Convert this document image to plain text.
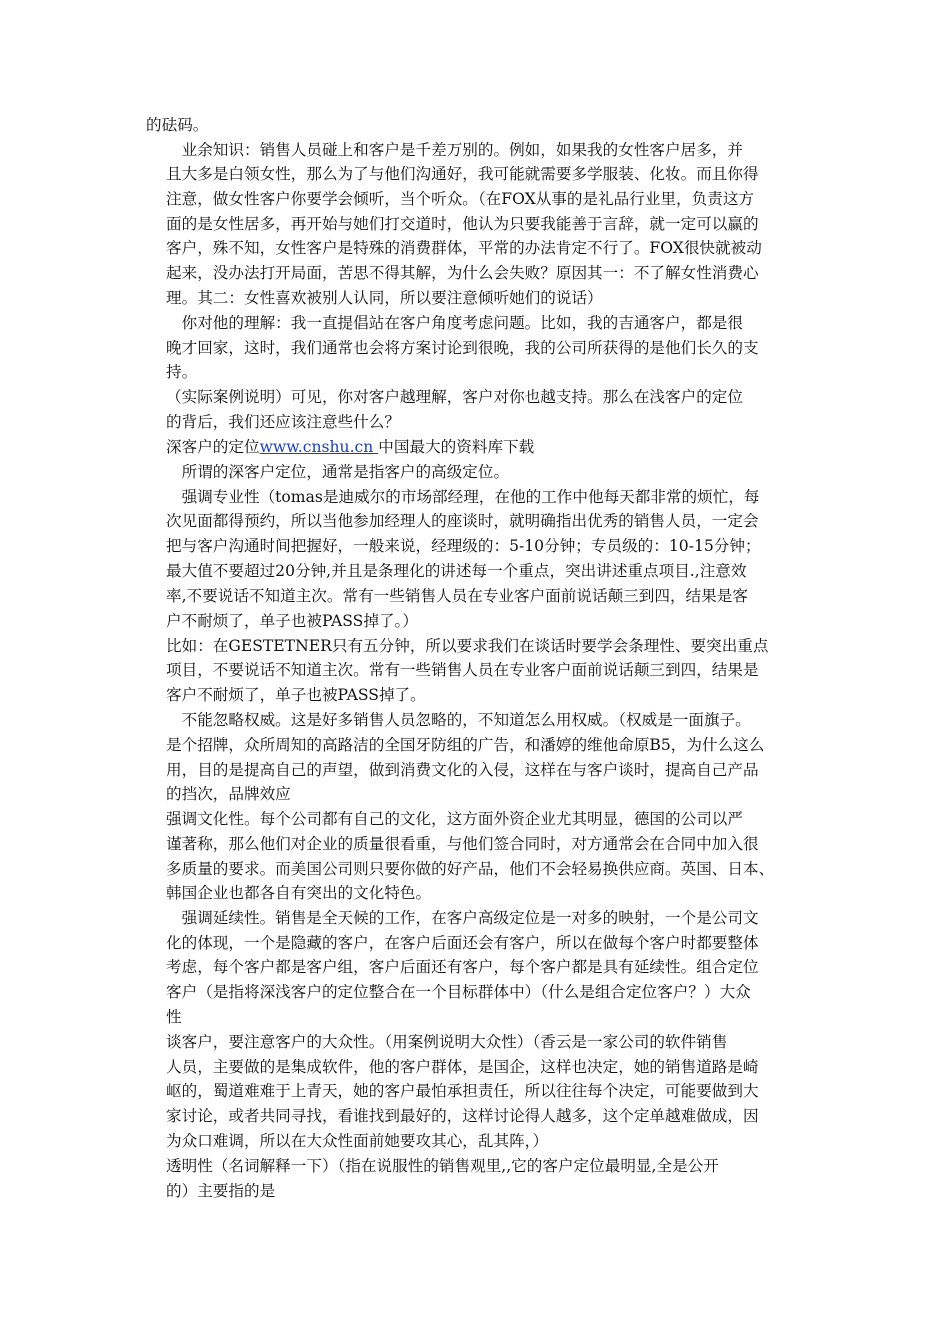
的砝码。
　业余知识：销售人员碰上和客户是千差万别的。例如，如果我的女性客户居多，并
且大多是白领女性，那么为了与他们沟通好，我可能就需要多学服装、化妆。而且你得
注意，做女性客户你要学会倾听，当个听众。（在FOX从事的是礼品行业里，负责这方
面的是女性居多，再开始与她们打交道时，他认为只要我能善于言辞，就一定可以赢的
客户，殊不知，女性客户是特殊的消费群体，平常的办法肯定不行了。FOX很快就被动
起来，没办法打开局面，苦思不得其解，为什么会失败？原因其一：不了解女性消费心
理。其二：女性喜欢被别人认同，所以要注意倾听她们的说话）
　你对他的理解：我一直提倡站在客户角度考虑问题。比如，我的吉通客户，都是很
晚才回家，这时，我们通常也会将方案讨论到很晚，我的公司所获得的是他们长久的支
持。
（实际案例说明）可见，你对客户越理解，客户对你也越支持。那么在浅客户的定位
的背后，我们还应该注意些什么？
深客户的定位www.cnshu.cn 中国最大的资料库下载
　所谓的深客户定位，通常是指客户的高级定位。
　强调专业性（tomas是迪威尔的市场部经理，在他的工作中他每天都非常的烦忙，每
次见面都得预约，所以当他参加经理人的座谈时，就明确指出优秀的销售人员，一定会
把与客户沟通时间把握好，一般来说，经理级的：5-10分钟；专员级的：10-15分钟；
最大值不要超过20分钟,并且是条理化的讲述每一个重点，突出讲述重点项目.,注意效
率,不要说话不知道主次。常有一些销售人员在专业客户面前说话颠三到四，结果是客
户不耐烦了，单子也被PASS掉了。）
比如：在GESTETNER只有五分钟，所以要求我们在谈话时要学会条理性、要突出重点
项目，不要说话不知道主次。常有一些销售人员在专业客户面前说话颠三到四，结果是
客户不耐烦了，单子也被PASS掉了。
　不能忽略权威。这是好多销售人员忽略的，不知道怎么用权威。（权威是一面旗子。
是个招牌，众所周知的高路洁的全国牙防组的广告，和潘婷的维他命原B5，为什么这么
用，目的是提高自己的声望，做到消费文化的入侵，这样在与客户谈时，提高自己产品
的挡次，品牌效应
强调文化性。每个公司都有自己的文化，这方面外资企业尤其明显，德国的公司以严
谨著称，那么他们对企业的质量很看重，与他们签合同时，对方通常会在合同中加入很
多质量的要求。而美国公司则只要你做的好产品，他们不会轻易换供应商。英国、日本、
韩国企业也都各自有突出的文化特色。
　强调延续性。销售是全天候的工作，在客户高级定位是一对多的映射，一个是公司文
化的体现，一个是隐藏的客户，在客户后面还会有客户，所以在做每个客户时都要整体
考虑，每个客户都是客户组，客户后面还有客户，每个客户都是具有延续性。组合定位
客户（是指将深浅客户的定位整合在一个目标群体中）（什么是组合定位客户？）大众
性
谈客户，要注意客户的大众性。（用案例说明大众性）（香云是一家公司的软件销售
人员，主要做的是集成软件，他的客户群体，是国企，这样也决定，她的销售道路是崎
岖的，蜀道难难于上青天，她的客户最怕承担责任，所以往往每个决定，可能要做到大
家讨论，或者共同寻找，看谁找到最好的，这样讨论得人越多，这个定单越难做成，因
为众口难调，所以在大众性面前她要攻其心，乱其阵，）
透明性（名词解释一下）（指在说服性的销售观里,,它的客户定位最明显,全是公开
的）主要指的是
